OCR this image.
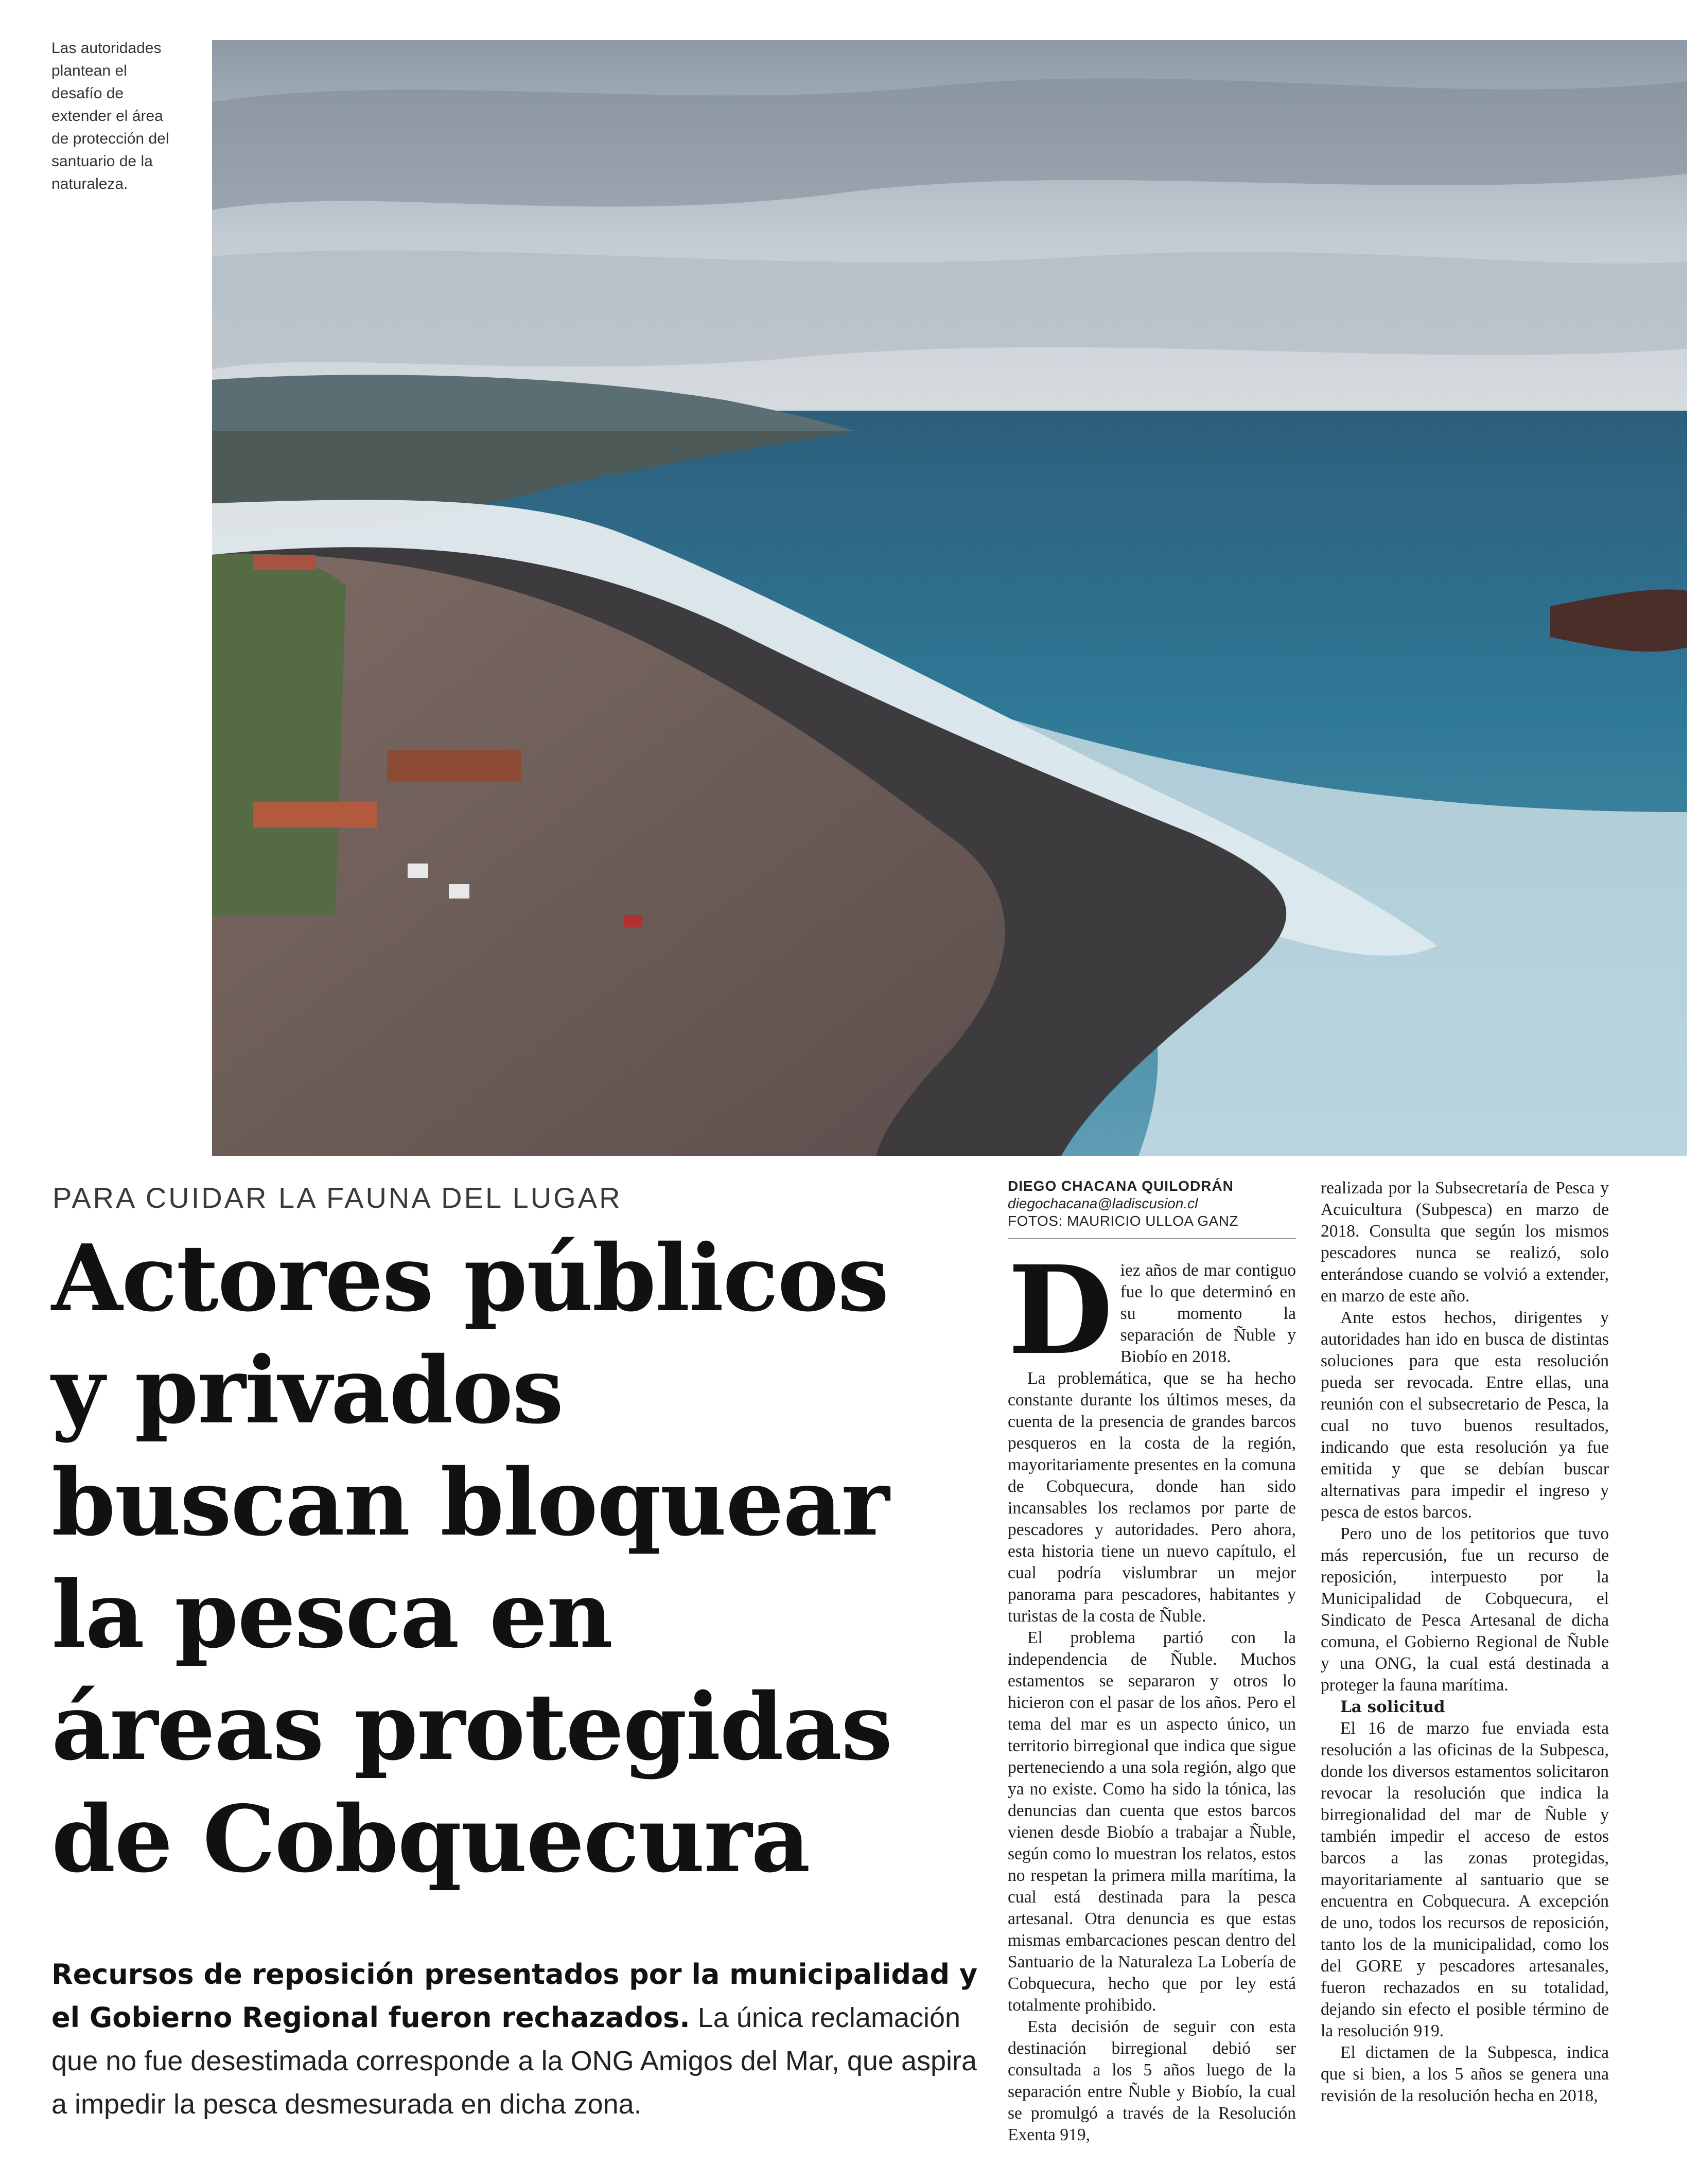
Las autoridades plantean el desafío de extender el área de protección del santuario de la naturaleza.
PARA CUIDAR LA FAUNA DEL LUGAR
Actores públicos
y privados
buscan bloquear
la pesca en
áreas protegidas
de Cobquecura
Recursos de reposición presentados por la municipalidad y el Gobierno Regional fueron rechazados. La única reclamación que no fue desestimada corresponde a la ONG Amigos del Mar, que aspira a impedir la pesca desmesurada en dicha zona.
DIEGO CHACANA QUILODRÁN
diegochacana@ladiscusion.cl
FOTOS: MAURICIO ULLOA GANZ

Diez años de mar contiguo fue lo que determinó en su momento la separación de Ñuble y Biobío en 2018.

La problemática, que se ha hecho constante durante los últimos meses, da cuenta de la presencia de grandes barcos pesqueros en la costa de la región, mayoritariamente presentes en la comuna de Cobquecura, donde han sido incansables los reclamos por parte de pescadores y autoridades. Pero ahora, esta historia tiene un nuevo capítulo, el cual podría vislumbrar un mejor panorama para pescadores, habitantes y turistas de la costa de Ñuble.

El problema partió con la independencia de Ñuble. Muchos estamentos se separaron y otros lo hicieron con el pasar de los años. Pero el tema del mar es un aspecto único, un territorio birregional que indica que sigue perteneciendo a una sola región, algo que ya no existe. Como ha sido la tónica, las denuncias dan cuenta que estos barcos vienen desde Biobío a trabajar a Ñuble, según como lo muestran los relatos, estos no respetan la primera milla marítima, la cual está destinada para la pesca artesanal. Otra denuncia es que estas mismas embarcaciones pescan dentro del Santuario de la Naturaleza La Lobería de Cobquecura, hecho que por ley está totalmente prohibido.

Esta decisión de seguir con esta destinación birregional debió ser consultada a los 5 años luego de la separación entre Ñuble y Biobío, la cual se promulgó a través de la Resolución Exenta 919,

realizada por la Subsecretaría de Pesca y Acuicultura (Subpesca) en marzo de 2018. Consulta que según los mismos pescadores nunca se realizó, solo enterándose cuando se volvió a extender, en marzo de este año.

Ante estos hechos, dirigentes y autoridades han ido en busca de distintas soluciones para que esta resolución pueda ser revocada. Entre ellas, una reunión con el subsecretario de Pesca, la cual no tuvo buenos resultados, indicando que esta resolución ya fue emitida y que se debían buscar alternativas para impedir el ingreso y pesca de estos barcos.

Pero uno de los petitorios que tuvo más repercusión, fue un recurso de reposición, interpuesto por la Municipalidad de Cobquecura, el Sindicato de Pesca Artesanal de dicha comuna, el Gobierno Regional de Ñuble y una ONG, la cual está destinada a proteger la fauna marítima.

La solicitud

El 16 de marzo fue enviada esta resolución a las oficinas de la Subpesca, donde los diversos estamentos solicitaron revocar la resolución que indica la birregionalidad del mar de Ñuble y también impedir el acceso de estos barcos a las zonas protegidas, mayoritariamente al santuario que se encuentra en Cobquecura. A excepción de uno, todos los recursos de reposición, tanto los de la municipalidad, como los del GORE y pescadores artesanales, fueron rechazados en su totalidad, dejando sin efecto el posible término de la resolución 919.

El dictamen de la Subpesca, indica que si bien, a los 5 años se genera una revisión de la resolución hecha en 2018,
